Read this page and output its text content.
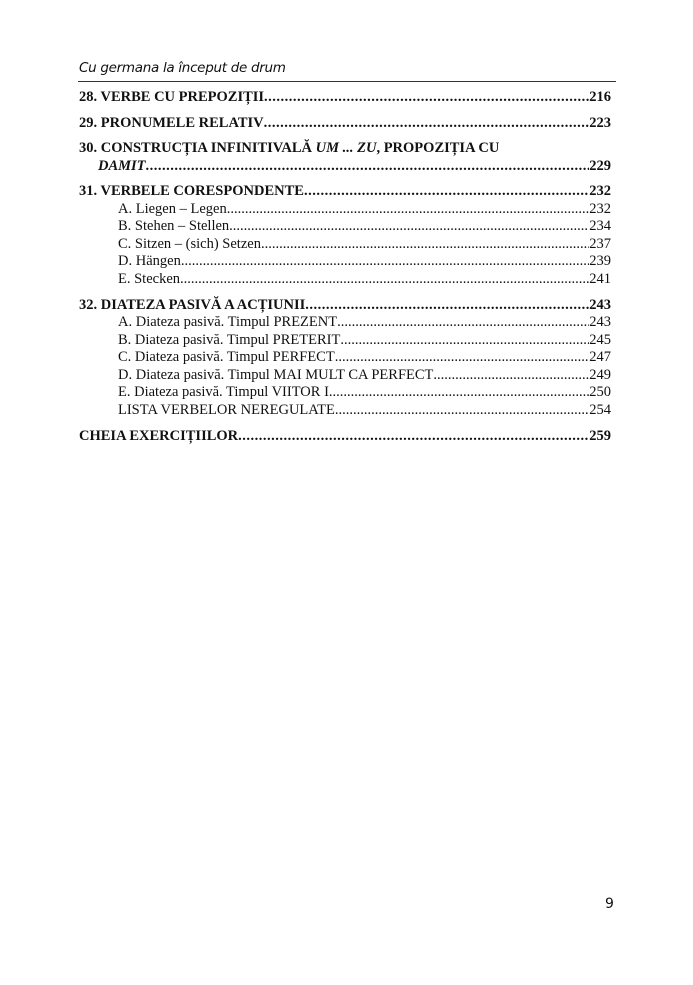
Cu germana la început de drum
28. VERBE CU PREPOZIȚII .....	216
29. PRONUMELE RELATIV .....	223
30. CONSTRUCȚIA INFINITIVALĂ UM ... ZU, PROPOZIȚIA CU
DAMIT .....	229
31. VERBELE CORESPONDENTE .....	232
A. Liegen – Legen .....	232
B. Stehen – Stellen .....	234
C. Sitzen – (sich) Setzen .....	237
D. Hängen .....	239
E. Stecken .....	241
32. DIATEZA PASIVĂ A ACȚIUNII .....	243
A. Diateza pasivă. Timpul PREZENT .....	243
B. Diateza pasivă. Timpul PRETERIT .....	245
C. Diateza pasivă. Timpul PERFECT .....	247
D. Diateza pasivă. Timpul MAI MULT CA PERFECT .....	249
E. Diateza pasivă. Timpul VIITOR I .....	250
LISTA VERBELOR NEREGULATE .....	254
CHEIA EXERCIȚIILOR .....	259
9
